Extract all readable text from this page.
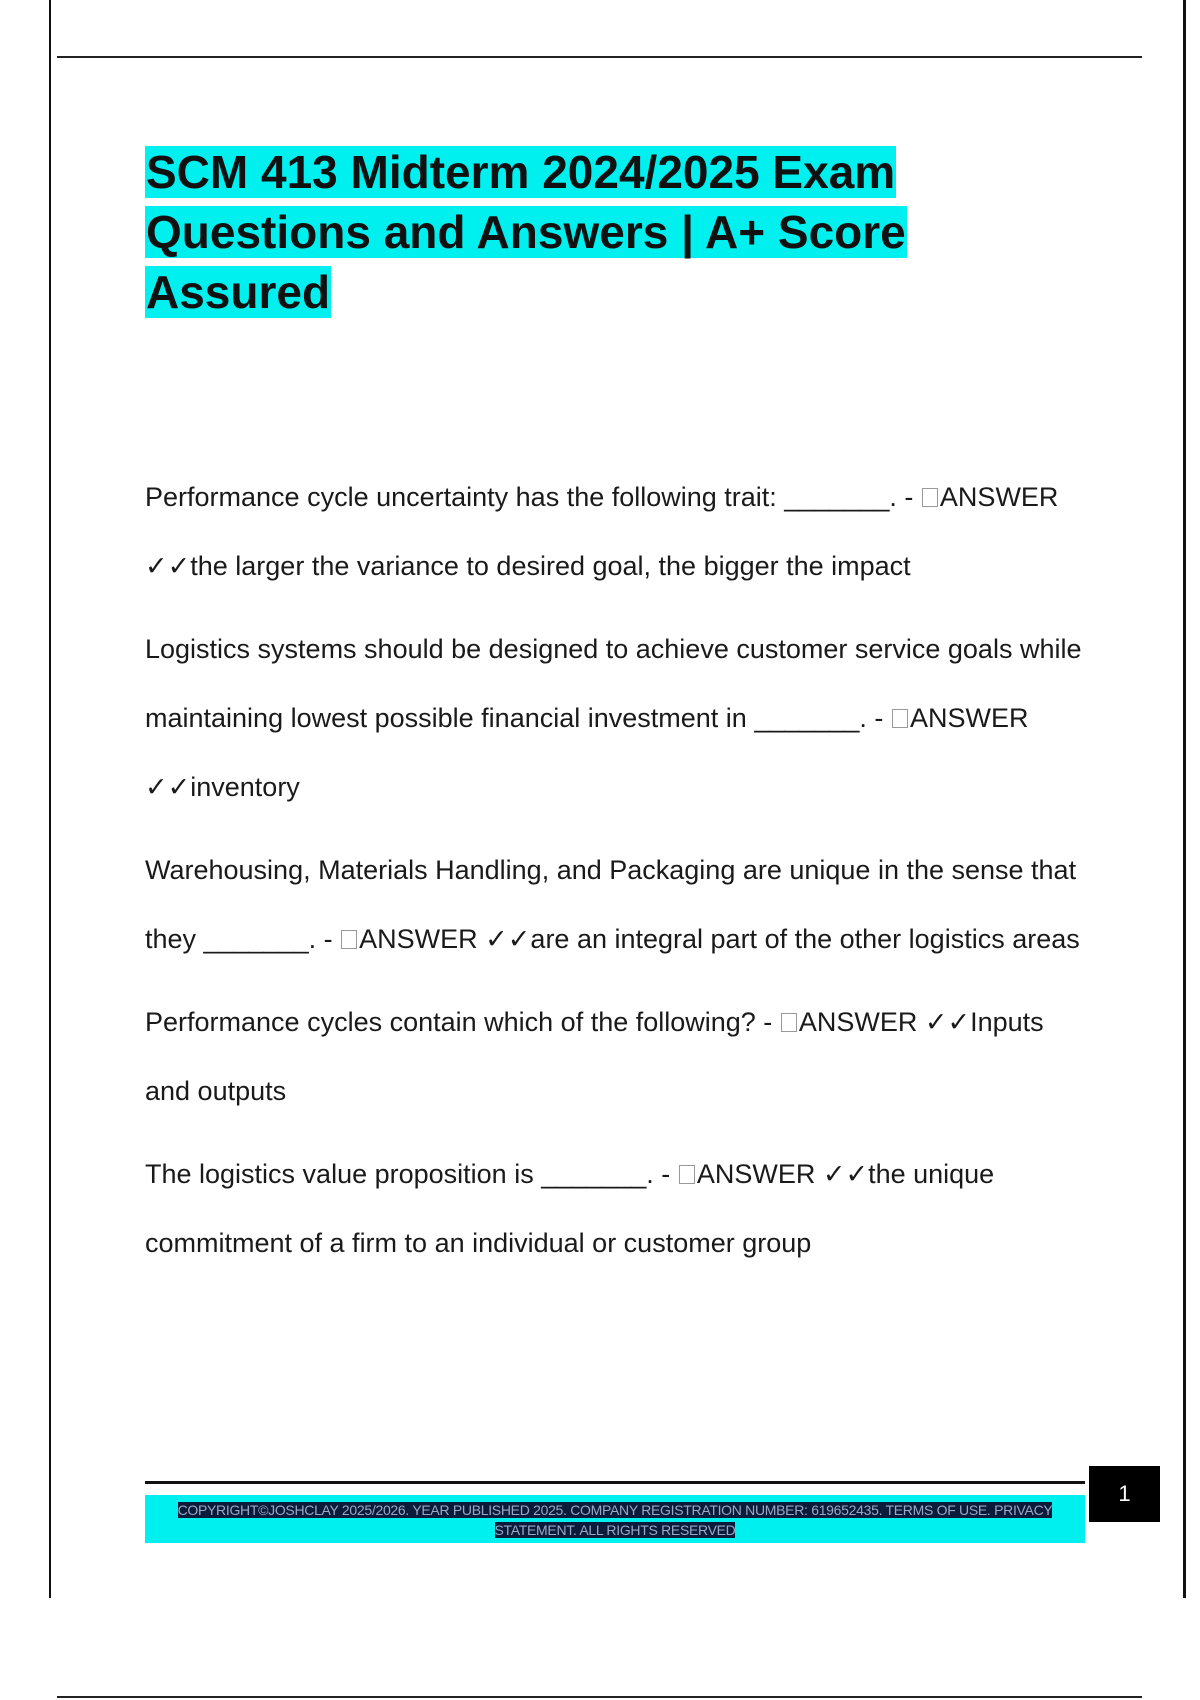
SCM 413 Midterm 2024/2025 Exam Questions and Answers | A+ Score Assured

Performance cycle uncertainty has the following trait: _______. - ANSWER ✓✓the larger the variance to desired goal, the bigger the impact

Logistics systems should be designed to achieve customer service goals while maintaining lowest possible financial investment in _______. - ANSWER ✓✓inventory

Warehousing, Materials Handling, and Packaging are unique in the sense that they _______. - ANSWER ✓✓are an integral part of the other logistics areas

Performance cycles contain which of the following? - ANSWER ✓✓Inputs and outputs

The logistics value proposition is _______. - ANSWER ✓✓the unique commitment of a firm to an individual or customer group

COPYRIGHT©JOSHCLAY 2025/2026. YEAR PUBLISHED 2025. COMPANY REGISTRATION NUMBER: 619652435. TERMS OF USE. PRIVACY STATEMENT. ALL RIGHTS RESERVED
1
